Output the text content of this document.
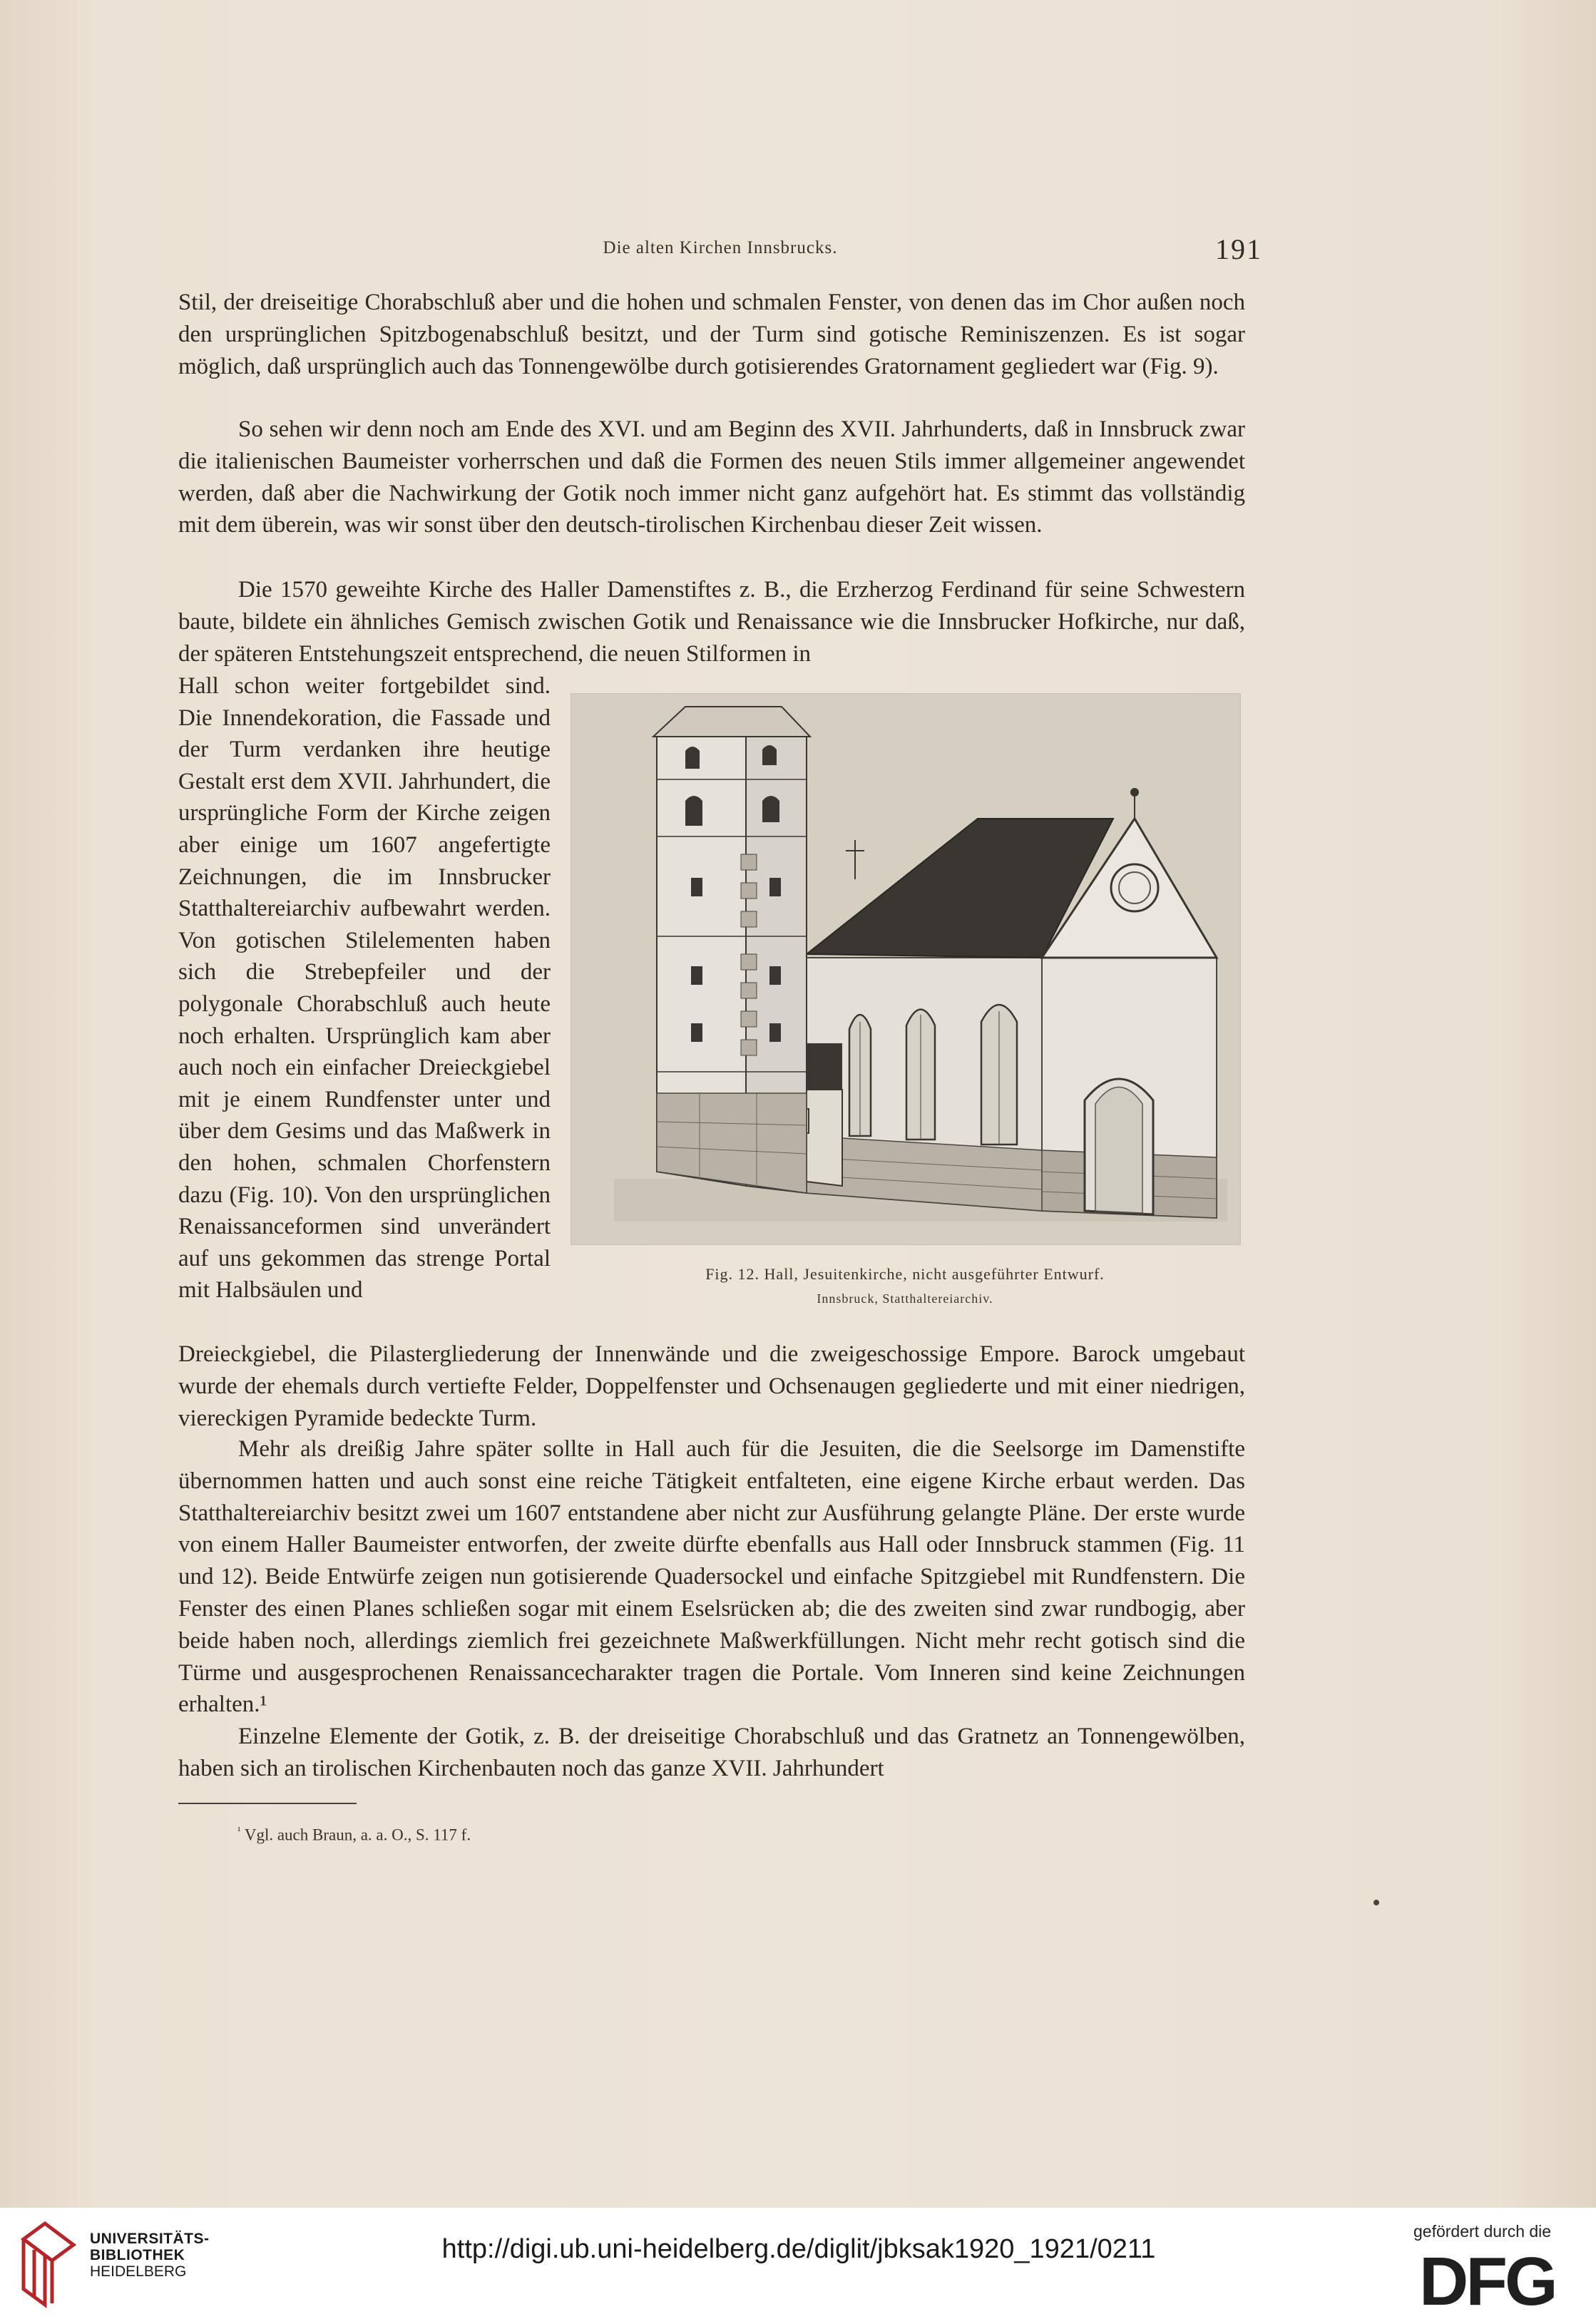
Die alten Kirchen Innsbrucks.	191

Stil, der dreiseitige Chorabschluß aber und die hohen und schmalen Fenster, von denen das im Chor außen noch den ursprünglichen Spitzbogenabschluß besitzt, und der Turm sind gotische Reminiszenzen. Es ist sogar möglich, daß ursprünglich auch das Tonnengewölbe durch gotisierendes Gratornament gegliedert war (Fig. 9).

So sehen wir denn noch am Ende des XVI. und am Beginn des XVII. Jahrhunderts, daß in Innsbruck zwar die italienischen Baumeister vorherrschen und daß die Formen des neuen Stils immer allgemeiner angewendet werden, daß aber die Nachwirkung der Gotik noch immer nicht ganz aufgehört hat. Es stimmt das vollständig mit dem überein, was wir sonst über den deutsch-tirolischen Kirchenbau dieser Zeit wissen.

Die 1570 geweihte Kirche des Haller Damenstiftes z. B., die Erzherzog Ferdinand für seine Schwestern baute, bildete ein ähnliches Gemisch zwischen Gotik und Renaissance wie die Innsbrucker Hofkirche, nur daß, der späteren Entstehungszeit entsprechend, die neuen Stilformen in

Hall schon weiter fortgebildet sind. Die Innendekoration, die Fassade und der Turm verdanken ihre heutige Gestalt erst dem XVII. Jahrhundert, die ursprüngliche Form der Kirche zeigen aber einige um 1607 angefertigte Zeichnungen, die im Innsbrucker Statthaltereiarchiv aufbewahrt werden. Von gotischen Stilelementen haben sich die Strebepfeiler und der polygonale Chorabschluß auch heute noch erhalten. Ursprünglich kam aber auch noch ein einfacher Dreieckgiebel mit je einem Rundfenster unter und über dem Gesims und das Maßwerk in den hohen, schmalen Chorfenstern dazu (Fig. 10). Von den ursprünglichen Renaissanceformen sind unverändert auf uns gekommen das strenge Portal mit Halbsäulen und

Dreieckgiebel, die Pilastergliederung der Innenwände und die zweigeschossige Empore. Barock umgebaut wurde der ehemals durch vertiefte Felder, Doppelfenster und Ochsenaugen gegliederte und mit einer niedrigen, viereckigen Pyramide bedeckte Turm.

Mehr als dreißig Jahre später sollte in Hall auch für die Jesuiten, die die Seelsorge im Damenstifte übernommen hatten und auch sonst eine reiche Tätigkeit entfalteten, eine eigene Kirche erbaut werden. Das Statthaltereiarchiv besitzt zwei um 1607 entstandene aber nicht zur Ausführung gelangte Pläne. Der erste wurde von einem Haller Baumeister entworfen, der zweite dürfte ebenfalls aus Hall oder Innsbruck stammen (Fig. 11 und 12). Beide Entwürfe zeigen nun gotisierende Quadersockel und einfache Spitzgiebel mit Rundfenstern. Die Fenster des einen Planes schließen sogar mit einem Eselsrücken ab; die des zweiten sind zwar rundbogig, aber beide haben noch, allerdings ziemlich frei gezeichnete Maßwerkfüllungen. Nicht mehr recht gotisch sind die Türme und ausgesprochenen Renaissancecharakter tragen die Portale. Vom Inneren sind keine Zeichnungen erhalten.¹

Einzelne Elemente der Gotik, z. B. der dreiseitige Chorabschluß und das Gratnetz an Tonnengewölben, haben sich an tirolischen Kirchenbauten noch das ganze XVII. Jahrhundert

Fig. 12. Hall, Jesuitenkirche, nicht ausgeführter Entwurf.
Innsbruck, Statthaltereiarchiv.
$^{^1}$ Vgl. auch Braun, a. a. O., S. 117 f.
UNIVERSITÄTS-
BIBLIOTHEK
HEIDELBERG
http://digi.ub.uni-heidelberg.de/diglit/jbksak1920_1921/0211
gefördert durch die
DFG
